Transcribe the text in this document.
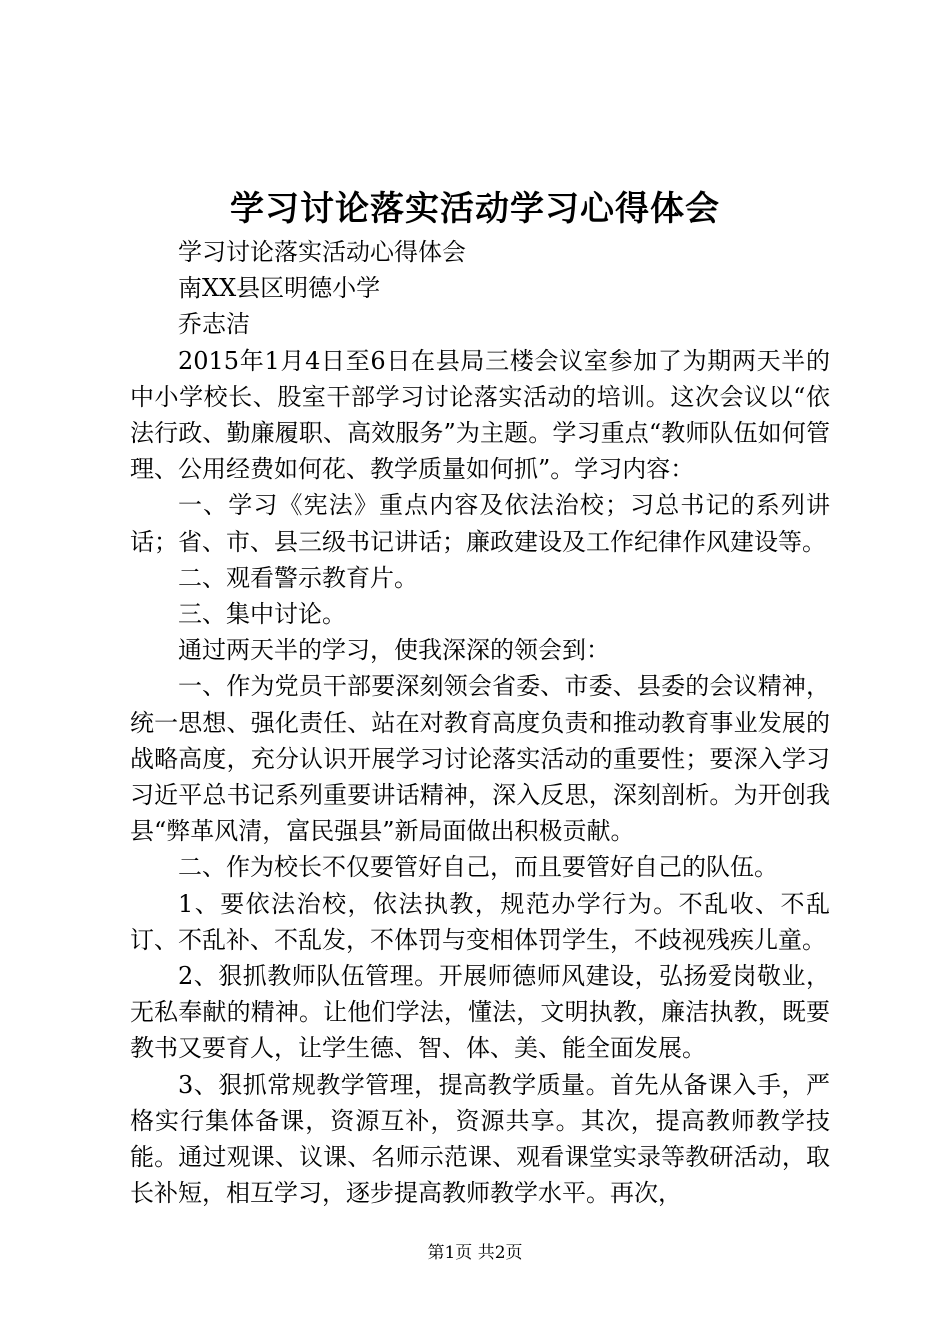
学习讨论落实活动学习心得体会

学习讨论落实活动心得体会

南XX县区明德小学

乔志洁

2015年1月4日至6日在县局三楼会议室参加了为期两天半的中小学校长、股室干部学习讨论落实活动的培训。这次会议以“依法行政、勤廉履职、高效服务”为主题。学习重点“教师队伍如何管理、公用经费如何花、教学质量如何抓”。学习内容：

一、学习《宪法》重点内容及依法治校；习总书记的系列讲话；省、市、县三级书记讲话；廉政建设及工作纪律作风建设等。

二、观看警示教育片。

三、集中讨论。

通过两天半的学习，使我深深的领会到：

一、作为党员干部要深刻领会省委、市委、县委的会议精神，统一思想、强化责任、站在对教育高度负责和推动教育事业发展的战略高度，充分认识开展学习讨论落实活动的重要性；要深入学习习近平总书记系列重要讲话精神，深入反思，深刻剖析。为开创我县“弊革风清，富民强县”新局面做出积极贡献。

二、作为校长不仅要管好自己，而且要管好自己的队伍。

1、要依法治校，依法执教，规范办学行为。不乱收、不乱订、不乱补、不乱发，不体罚与变相体罚学生，不歧视残疾儿童。

2、狠抓教师队伍管理。开展师德师风建设，弘扬爱岗敬业，无私奉献的精神。让他们学法，懂法，文明执教，廉洁执教，既要教书又要育人，让学生德、智、体、美、能全面发展。

3、狠抓常规教学管理，提高教学质量。首先从备课入手，严格实行集体备课，资源互补，资源共享。其次，提高教师教学技能。通过观课、议课、名师示范课、观看课堂实录等教研活动，取长补短，相互学习，逐步提高教师教学水平。再次，

第1页 共2页
